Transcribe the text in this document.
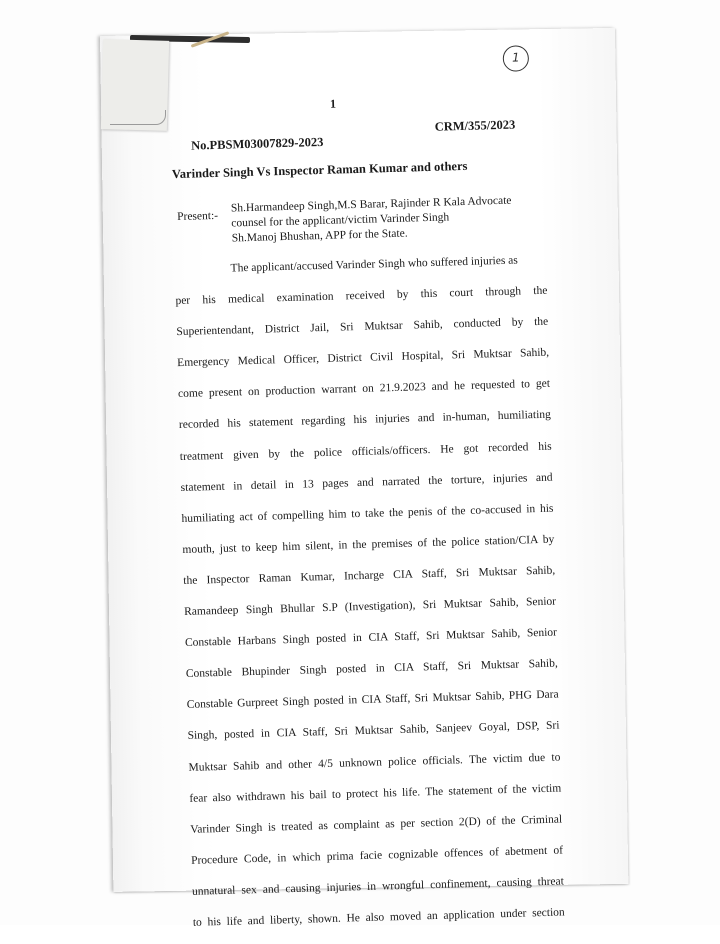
1
1
No.PBSM03007829-2023
CRM/355/2023
Varinder Singh Vs Inspector Raman Kumar and others
Present:-
Sh.Harmandeep Singh,M.S Barar, Rajinder R Kala Advocate
counsel for the applicant/victim Varinder Singh
Sh.Manoj Bhushan, APP for the State.
The applicant/accused Varinder Singh who suffered injuries as
per his medical examination received by this court through the
Superientendant, District Jail, Sri Muktsar Sahib, conducted by the
Emergency Medical Officer, District Civil Hospital, Sri Muktsar Sahib,
come present on production warrant on 21.9.2023 and he requested to get
recorded his statement regarding his injuries and in-human, humiliating
treatment given by the police officials/officers. He got recorded his
statement in detail in 13 pages and narrated the torture, injuries and
humiliating act of compelling him to take the penis of the co-accused in his
mouth, just to keep him silent, in the premises of the police station/CIA by
the Inspector Raman Kumar, Incharge CIA Staff, Sri Muktsar Sahib,
Ramandeep Singh Bhullar S.P (Investigation), Sri Muktsar Sahib, Senior
Constable Harbans Singh posted in CIA Staff, Sri Muktsar Sahib, Senior
Constable Bhupinder Singh posted in CIA Staff, Sri Muktsar Sahib,
Constable Gurpreet Singh posted in CIA Staff, Sri Muktsar Sahib, PHG Dara
Singh, posted in CIA Staff, Sri Muktsar Sahib, Sanjeev Goyal, DSP, Sri
Muktsar Sahib and other 4/5 unknown police officials. The victim due to
fear also withdrawn his bail to protect his life. The statement of the victim
Varinder Singh is treated as complaint as per section 2(D) of the Criminal
Procedure Code, in which prima facie cognizable offences of abetment of
unnatural sex and causing injuries in wrongful confinement, causing threat
to his life and liberty, shown. He also moved an application under section
